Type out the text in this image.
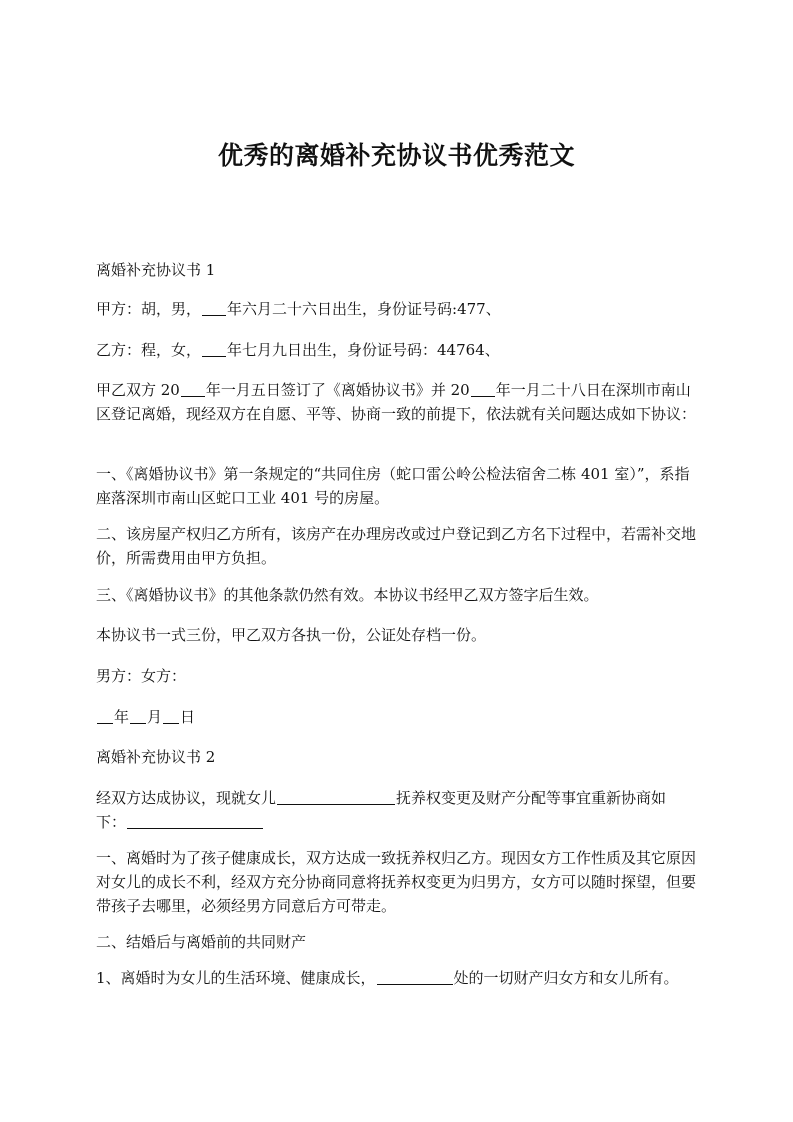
优秀的离婚补充协议书优秀范文
离婚补充协议书 1
甲方：胡，男， 年六月二十六日出生，身份证号码:477、
乙方：程，女， 年七月九日出生，身份证号码：44764、
甲乙双方 20 年一月五日签订了《离婚协议书》并 20 年一月二十八日在深圳市南山区登记离婚，现经双方在自愿、平等、协商一致的前提下，依法就有关问题达成如下协议：
一、《离婚协议书》第一条规定的“共同住房（蛇口雷公岭公检法宿舍二栋 401 室）”，系指座落深圳市南山区蛇口工业 401 号的房屋。
二、该房屋产权归乙方所有，该房产在办理房改或过户登记到乙方名下过程中，若需补交地价，所需费用由甲方负担。
三、《离婚协议书》的其他条款仍然有效。本协议书经甲乙双方签字后生效。
本协议书一式三份，甲乙双方各执一份，公证处存档一份。
男方：女方：
年 月 日
离婚补充协议书 2
经双方达成协议，现就女儿	抚养权变更及财产分配等事宜重新协商如下：
一、离婚时为了孩子健康成长，双方达成一致抚养权归乙方。现因女方工作性质及其它原因对女儿的成长不利，经双方充分协商同意将抚养权变更为归男方，女方可以随时探望，但要带孩子去哪里，必须经男方同意后方可带走。
二、结婚后与离婚前的共同财产
1、离婚时为女儿的生活环境、健康成长，	处的一切财产归女方和女儿所有。
